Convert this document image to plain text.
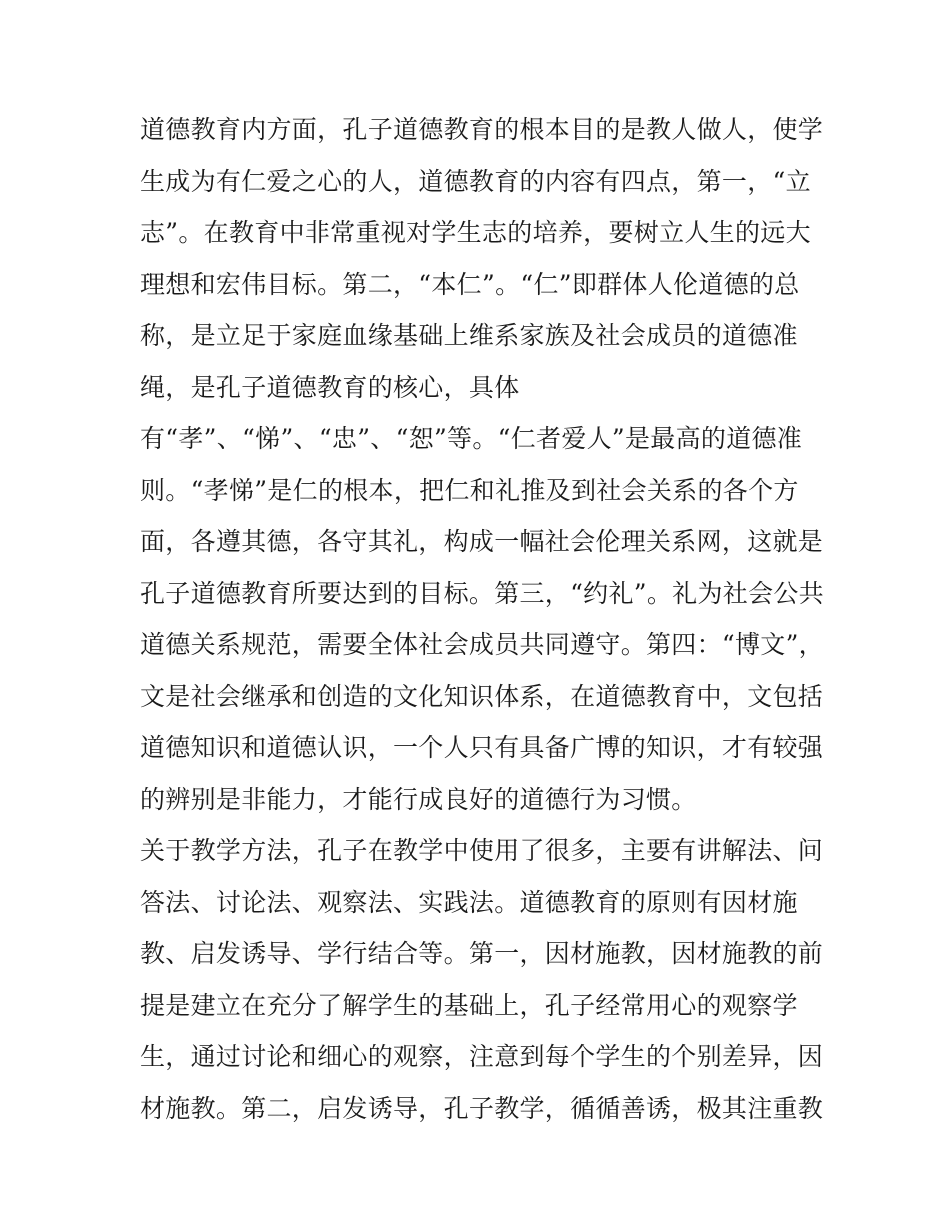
道德教育内方面，孔子道德教育的根本目的是教人做人，使学
生成为有仁爱之心的人，道德教育的内容有四点，第一，“立
志”。在教育中非常重视对学生志的培养，要树立人生的远大
理想和宏伟目标。第二，“本仁”。“仁”即群体人伦道德的总
称，是立足于家庭血缘基础上维系家族及社会成员的道德准
绳，是孔子道德教育的核心，具体
有“孝”、“悌”、“忠”、“恕”等。“仁者爱人”是最高的道德准
则。“孝悌”是仁的根本，把仁和礼推及到社会关系的各个方
面，各遵其德，各守其礼，构成一幅社会伦理关系网，这就是
孔子道德教育所要达到的目标。第三，“约礼”。礼为社会公共
道德关系规范，需要全体社会成员共同遵守。第四：“博文”，
文是社会继承和创造的文化知识体系，在道德教育中，文包括
道德知识和道德认识，一个人只有具备广博的知识，才有较强
的辨别是非能力，才能行成良好的道德行为习惯。
关于教学方法，孔子在教学中使用了很多，主要有讲解法、问
答法、讨论法、观察法、实践法。道德教育的原则有因材施
教、启发诱导、学行结合等。第一，因材施教，因材施教的前
提是建立在充分了解学生的基础上，孔子经常用心的观察学
生，通过讨论和细心的观察，注意到每个学生的个别差异，因
材施教。第二，启发诱导，孔子教学，循循善诱，极其注重教
